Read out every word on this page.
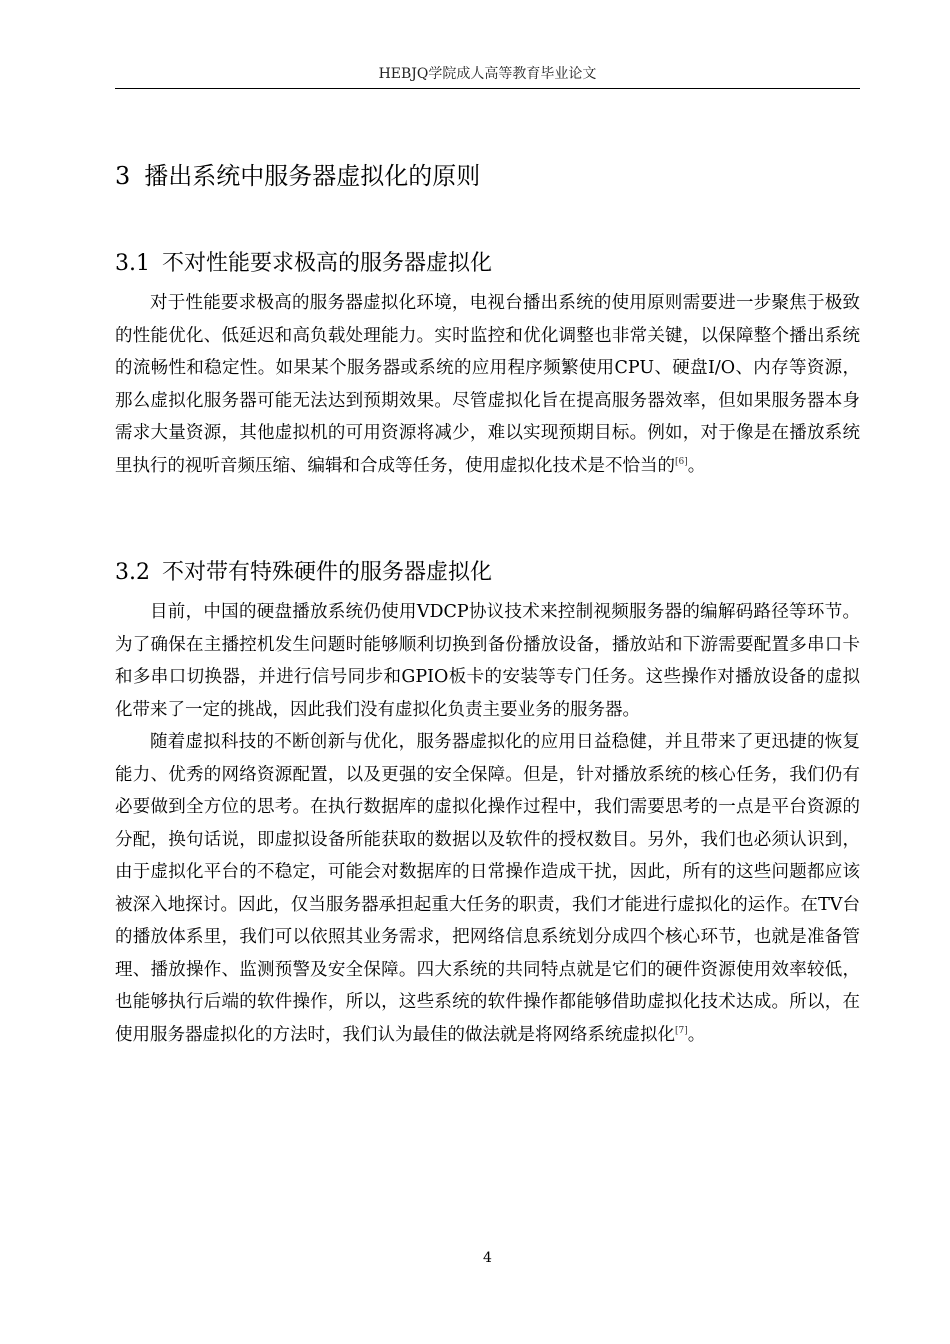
HEBJQ学院成人高等教育毕业论文
3 播出系统中服务器虚拟化的原则
3.1 不对性能要求极高的服务器虚拟化

对于性能要求极高的服务器虚拟化环境，电视台播出系统的使用原则需要进一步聚焦于极致的性能优化、低延迟和高负载处理能力。实时监控和优化调整也非常关键，以保障整个播出系统的流畅性和稳定性。如果某个服务器或系统的应用程序频繁使用CPU、硬盘I/O、内存等资源，那么虚拟化服务器可能无法达到预期效果。尽管虚拟化旨在提高服务器效率，但如果服务器本身需求大量资源，其他虚拟机的可用资源将减少，难以实现预期目标。例如，对于像是在播放系统里执行的视听音频压缩、编辑和合成等任务，使用虚拟化技术是不恰当的[6]。

3.2 不对带有特殊硬件的服务器虚拟化

目前，中国的硬盘播放系统仍使用VDCP协议技术来控制视频服务器的编解码路径等环节。为了确保在主播控机发生问题时能够顺利切换到备份播放设备，播放站和下游需要配置多串口卡和多串口切换器，并进行信号同步和GPIO板卡的安装等专门任务。这些操作对播放设备的虚拟化带来了一定的挑战，因此我们没有虚拟化负责主要业务的服务器。

随着虚拟科技的不断创新与优化，服务器虚拟化的应用日益稳健，并且带来了更迅捷的恢复能力、优秀的网络资源配置，以及更强的安全保障。但是，针对播放系统的核心任务，我们仍有必要做到全方位的思考。在执行数据库的虚拟化操作过程中，我们需要思考的一点是平台资源的分配，换句话说，即虚拟设备所能获取的数据以及软件的授权数目。另外，我们也必须认识到，由于虚拟化平台的不稳定，可能会对数据库的日常操作造成干扰，因此，所有的这些问题都应该被深入地探讨。因此，仅当服务器承担起重大任务的职责，我们才能进行虚拟化的运作。在TV台的播放体系里，我们可以依照其业务需求，把网络信息系统划分成四个核心环节，也就是准备管理、播放操作、监测预警及安全保障。四大系统的共同特点就是它们的硬件资源使用效率较低，也能够执行后端的软件操作，所以，这些系统的软件操作都能够借助虚拟化技术达成。所以，在使用服务器虚拟化的方法时，我们认为最佳的做法就是将网络系统虚拟化[7]。

4
